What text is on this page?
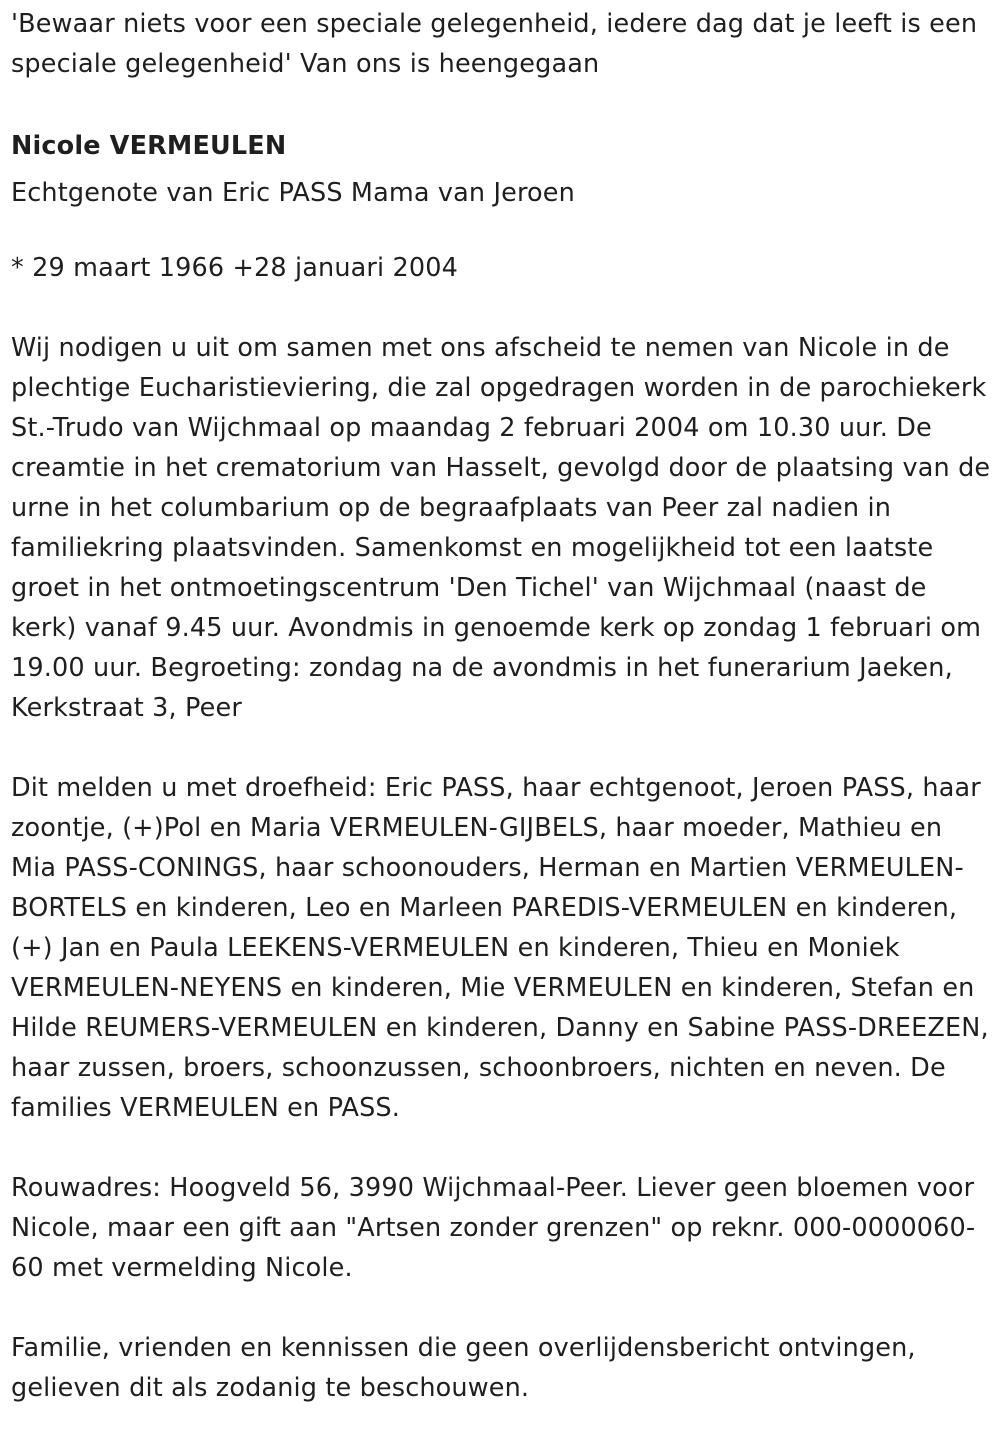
'Bewaar niets voor een speciale gelegenheid, iedere dag dat je leeft is een speciale gelegenheid' Van ons is heengegaan

Nicole VERMEULEN

Echtgenote van Eric PASS Mama van Jeroen

* 29 maart 1966 +28 januari 2004

Wij nodigen u uit om samen met ons afscheid te nemen van Nicole in de plechtige Eucharistieviering, die zal opgedragen worden in de parochiekerk St.-Trudo van Wijchmaal op maandag 2 februari 2004 om 10.30 uur. De creamtie in het crematorium van Hasselt, gevolgd door de plaatsing van de urne in het columbarium op de begraafplaats van Peer zal nadien in familiekring plaatsvinden. Samenkomst en mogelijkheid tot een laatste groet in het ontmoetingscentrum 'Den Tichel' van Wijchmaal (naast de kerk) vanaf 9.45 uur. Avondmis in genoemde kerk op zondag 1 februari om 19.00 uur. Begroeting: zondag na de avondmis in het funerarium Jaeken, Kerkstraat 3, Peer

Dit melden u met droefheid: Eric PASS, haar echtgenoot, Jeroen PASS, haar zoontje, (+)Pol en Maria VERMEULEN-GIJBELS, haar moeder, Mathieu en Mia PASS-CONINGS, haar schoonouders, Herman en Martien VERMEULEN-BORTELS en kinderen, Leo en Marleen PAREDIS-VERMEULEN en kinderen, (+) Jan en Paula LEEKENS-VERMEULEN en kinderen, Thieu en Moniek VERMEULEN-NEYENS en kinderen, Mie VERMEULEN en kinderen, Stefan en Hilde REUMERS-VERMEULEN en kinderen, Danny en Sabine PASS-DREEZEN, haar zussen, broers, schoonzussen, schoonbroers, nichten en neven. De families VERMEULEN en PASS.

Rouwadres: Hoogveld 56, 3990 Wijchmaal-Peer. Liever geen bloemen voor Nicole, maar een gift aan "Artsen zonder grenzen" op reknr. 000-0000060-60 met vermelding Nicole.

Familie, vrienden en kennissen die geen overlijdensbericht ontvingen, gelieven dit als zodanig te beschouwen.
